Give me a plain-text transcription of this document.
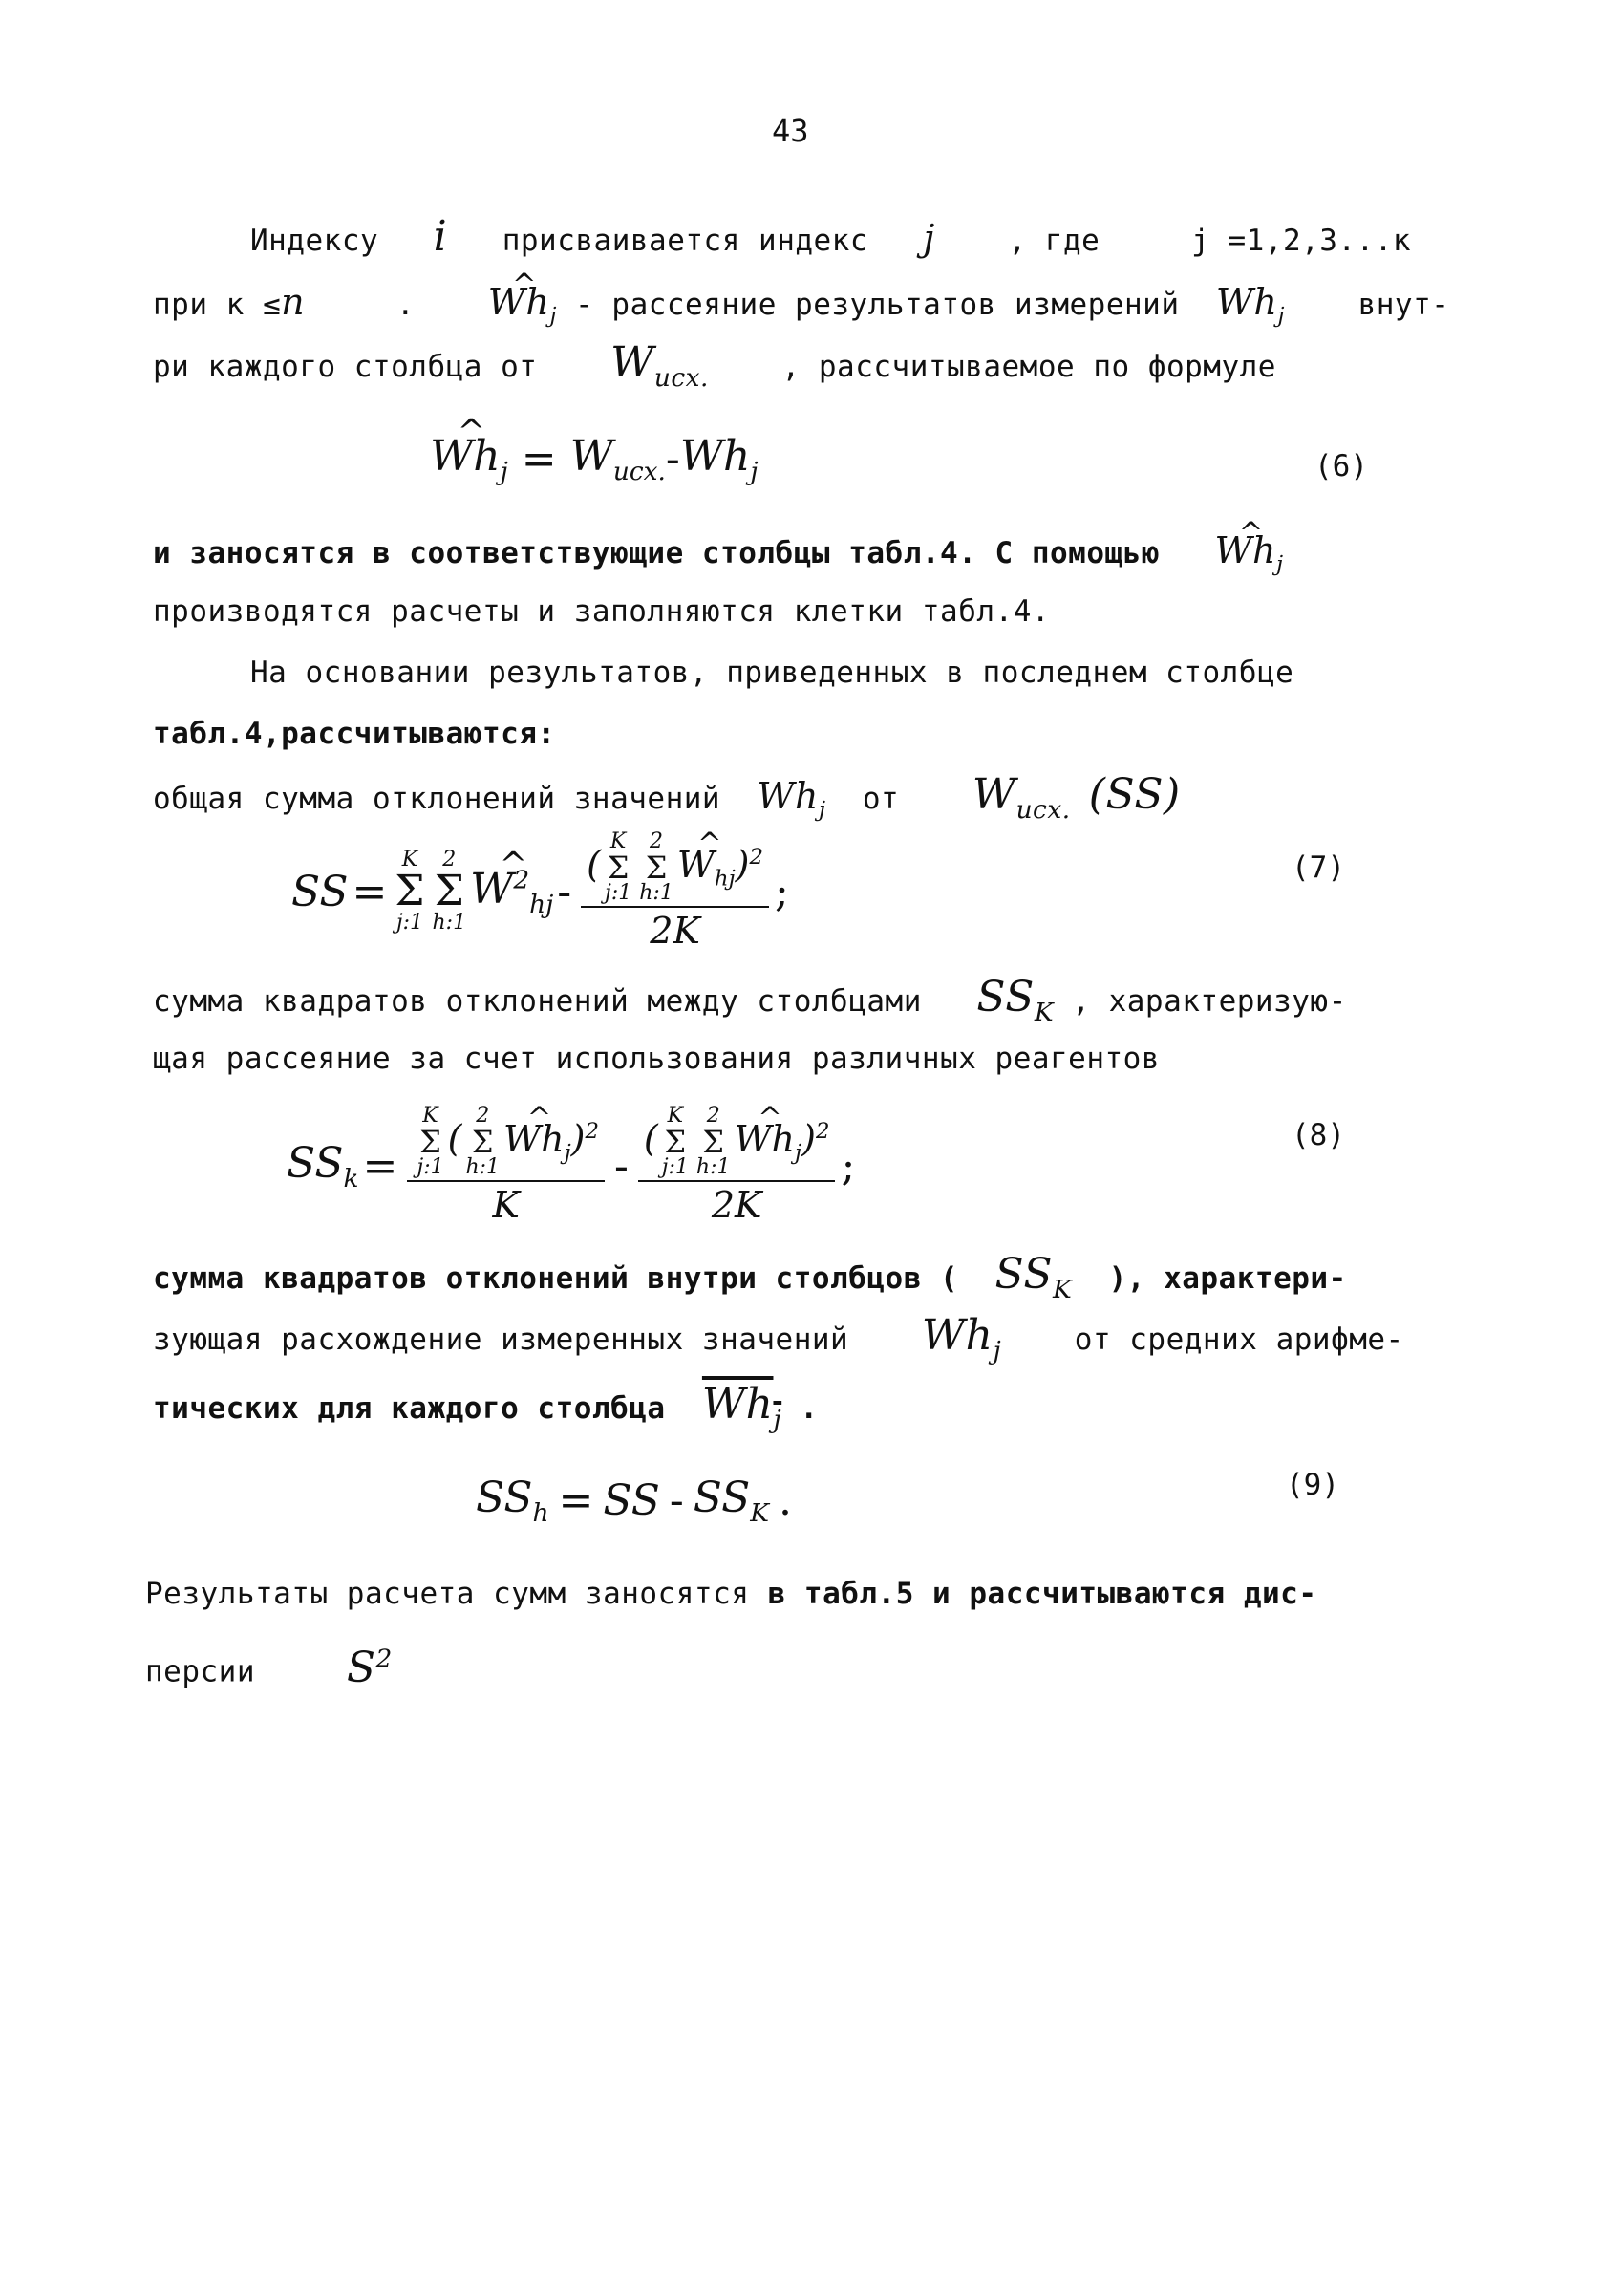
43
Индексу i присваивается индекс j , где	j =1,2,3...к
при к ≤n	. ^ $Wh_j$ - рассеяние результатов измерений $Wh_j$ внут-
ри каждого столбца от $W_{исх.}$ , рассчитываемое по формуле
^ $Wh_j$
=
$W_{исх.} - Wh_j$	(6)
и заносятся в соответствующие столбцы табл.4. С помощью ^ $Wh_j$
производятся расчеты и заполняются клетки табл.4.
На основании результатов, приведенных в последнем столбце
табл.4,рассчитываются:
общая сумма отклонений значений $Wh_j$ от $W_{исх.}$ (SS)
SS =
K
Σ
j:1
2
Σ
h:1
^ $W^2_{hj}$ - (
K
Σ
j:1
2
Σ
h:1
^ $W_{hj})^2$
2K ;	(7)
сумма квадратов отклонений между столбцами $SS_K$ , характеризую-
щая рассеяние за счет использования различных реагентов
$SS_k = K$
Σ
j:1
(
2
Σ
h:1
^ $Wh_j)^2$
K - (
K
Σ
j:1
2
Σ
h:1
^ $Wh_j)^2$
2K ;
(8)
сумма квадратов отклонений внутри столбцов ( $SS_K$ ), характери-
зующая расхождение измеренных значений $Wh_j$ от средних арифме-
тических для каждого столбца $Wh_j$ .
$SS_h$ = SS - $SS_K$ .	(9)
Результаты расчета сумм заносятся в табл.5 и рассчитываются дис-
персии $S^2$
